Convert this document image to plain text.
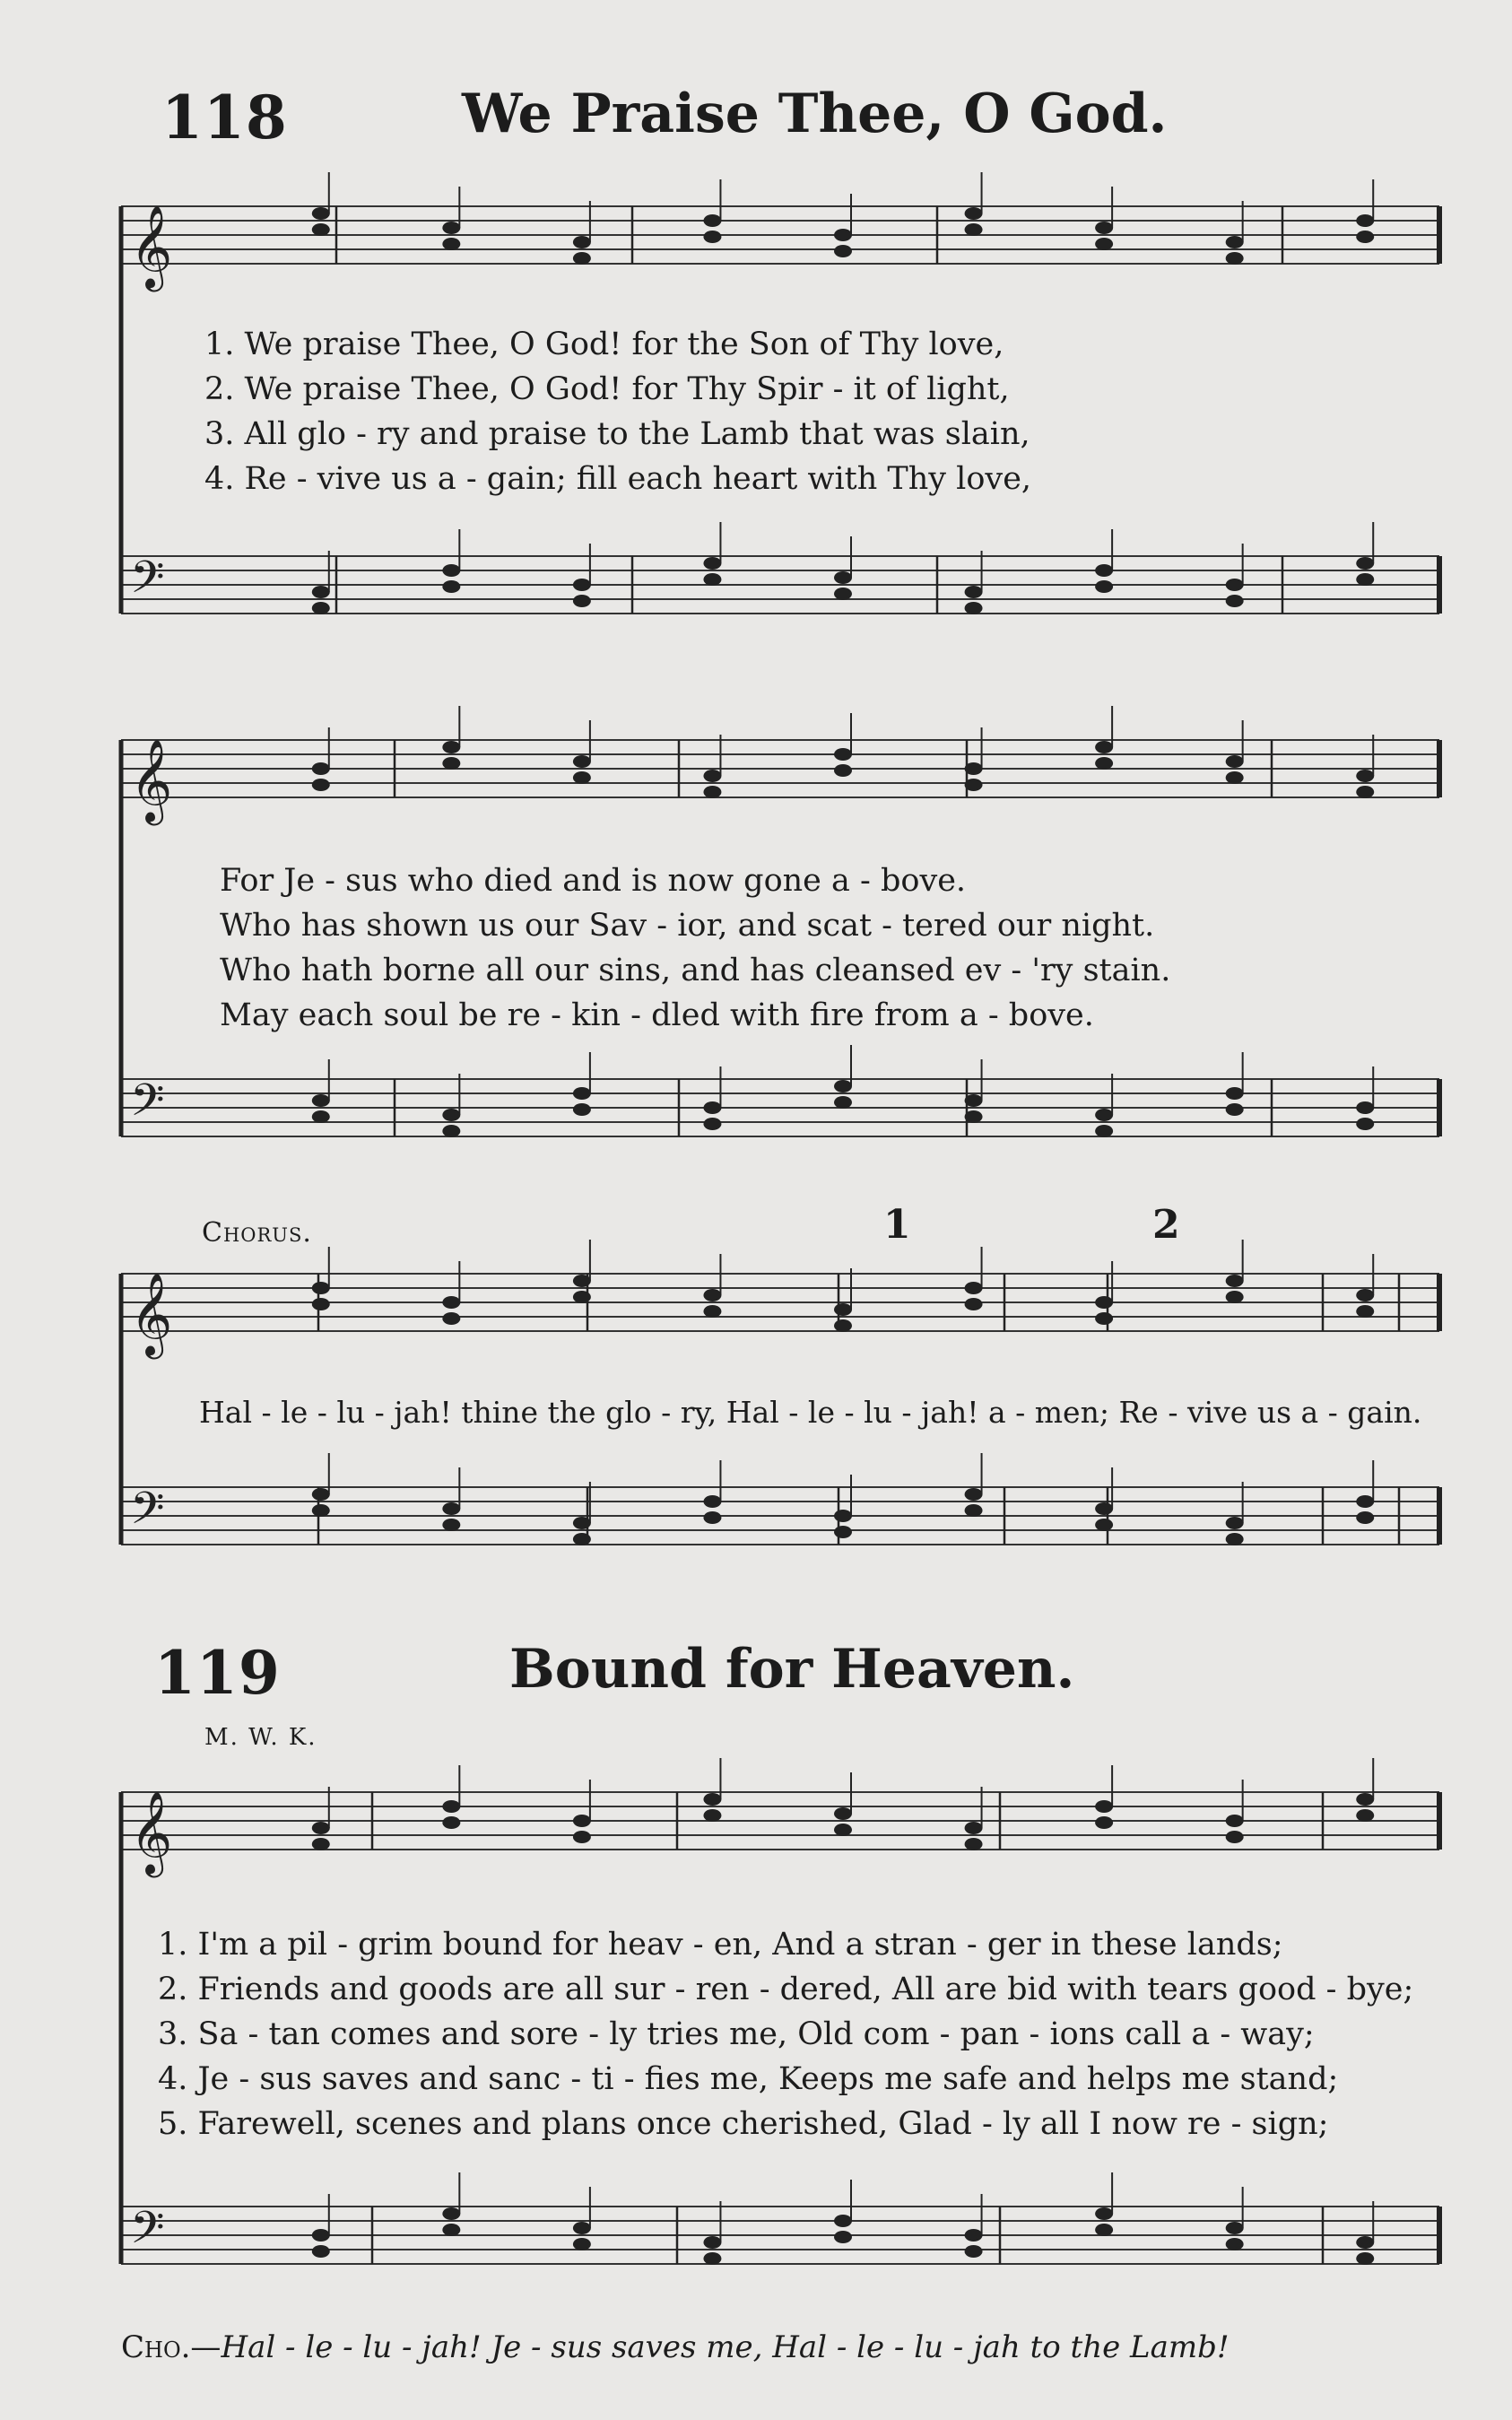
𝄞
𝄢
𝄞
𝄢
𝄞
𝄢
𝄞
𝄢
118	We Praise Thee, O God.
1. We praise Thee, O God! for the Son of Thy love,
2. We praise Thee, O God! for Thy Spir - it of light,
3. All glo - ry and praise to the Lamb that was slain,
4. Re - vive us a - gain; fill each heart with Thy love,
For Je - sus who died and is now gone a - bove.
Who has shown us our Sav - ior, and scat - tered our night.
Who hath borne all our sins, and has cleansed ev - 'ry stain.
May each soul be re - kin - dled with fire from a - bove.
Chorus.	1	2
Hal - le - lu - jah! thine the glo - ry, Hal - le - lu - jah! a - men; Re - vive us a - gain.
119	Bound for Heaven.
M. W. K.
1. I'm a pil - grim bound for heav - en, And a stran - ger in these lands;
2. Friends and goods are all sur - ren - dered, All are bid with tears good - bye;
3. Sa - tan comes and sore - ly tries me, Old com - pan - ions call a - way;
4. Je - sus saves and sanc - ti - fies me, Keeps me safe and helps me stand;
5. Farewell, scenes and plans once cherished, Glad - ly all I now re - sign;
Cho.—Hal - le - lu - jah! Je - sus saves me, Hal - le - lu - jah to the Lamb!
